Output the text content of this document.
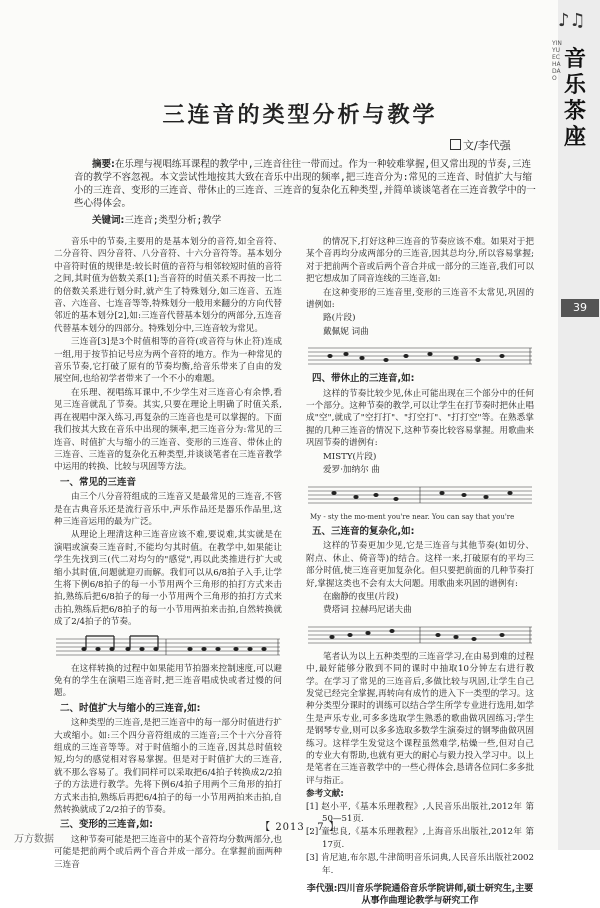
♪♫
YINYUECHADAO
音
乐
茶
座
39
三连音的类型分析与教学
文/李代强
摘要:在乐理与视唱练耳课程的教学中,三连音往往一带而过。作为一种较难掌握,但又常出现的节奏,三连音的教学不容忽视。本文尝试性地按其大致在音乐中出现的频率,把三连音分为:常见的三连音、时值扩大与缩小的三连音、变形的三连音、带休止的三连音、三连音的复杂化五种类型,并简单谈谈笔者在三连音教学中的一些心得体会。
关键词:三连音;类型分析;教学

音乐中的节奏,主要用的是基本划分的音符,如全音符、二分音符、四分音符、八分音符、十六分音符等。基本划分中音符时值的规律是:较长时值的音符与相邻较短时值的音符之间,其时值为倍数关系[1];当音符的时值关系不再按一比二的倍数关系进行划分时,就产生了特殊划分,如三连音、五连音、六连音、七连音等等,特殊划分一般用来翻分的方向代替邻近的基本划分[2],如:三连音代替基本划分的两部分,五连音代替基本划分的四部分。特殊划分中,三连音较为常见。

三连音[3]是3个时值相等的音符(或音符与休止符)连成一组,用于按节拍记号应为两个音符的地方。作为一种常见的音乐节奏,它打破了原有的节奏均衡,给音乐带来了自由的发展空间,也给初学者带来了一个不小的难题。

在乐理、视唱练耳课中,不少学生对三连音心有余悸,看见三连音就乱了节奏。其实,只要在理论上明确了时值关系,再在视唱中深入练习,再复杂的三连音也是可以掌握的。下面我们按其大致在音乐中出现的频率,把三连音分为:常见的三连音、时值扩大与缩小的三连音、变形的三连音、带休止的三连音、三连音的复杂化五种类型,并谈谈笔者在三连音教学中运用的转换、比较与巩固等方法。

一、常见的三连音

由三个八分音符组成的三连音又是最常见的三连音,不管是在古典音乐还是流行音乐中,声乐作品还是器乐作品里,这种三连音运用的最为广泛。

从理论上理清这种三连音应该不难,要说难,其实就是在演唱或演奏三连音时,不能均匀其时值。在教学中,如果能让学生先找到三(代二对均匀的"感觉",再以此类推进行扩大或缩小其时值,问题就迎刃而解。我们可以从6/8拍子入手,让学生将下例6/8拍子的每一小节用两个三角形的拍打方式来击拍,熟练后把6/8拍子的每一小节用两个三角形的拍打方式来击拍,熟练后把6/8拍子的每一小节用两拍来击拍,自然转换就成了2/4拍子的节奏。

在这样转换的过程中如果能用节拍器来控制速度,可以避免有的学生在演唱三连音时,把三连音唱成快或者过慢的问题。

二、时值扩大与缩小的三连音,如:

这种类型的三连音,是把三连音中的每一部分时值进行扩大或缩小。如:三个四分音符组成的三连音;三个十六分音符组成的三连音等等。对于时值缩小的三连音,因其总时值较短,均匀的感觉相对容易掌握。但是对于时值扩大的三连音,就不那么容易了。我们同样可以采取把6/4拍子转换成2/2拍子的方法进行教学。先将下例6/4拍子用两个三角形的拍打方式来击拍,熟练后再把6/4拍子的每一小节用两拍来击拍,自然转换就成了2/2拍子的节奏。

三、变形的三连音,如:

这种节奏可能是把三连音中的某个音符均分数两部分,也可能是把前两个或后两个音合并成一部分。在掌握前面两种三连音

的情况下,打好这种三连音的节奏应该不难。如果对于把某个音再均分成两部分的三连音,因其总均分,所以容易掌握;对于把前两个音或后两个音合并成一部分的三连音,我们可以把它想成加了同音连线的三连音,如:

在这种变形的三连音里,变形的三连音不太常见,巩固的谱例如:

路(片段)

戴佩妮 词曲

四、带休止的三连音,如:

这样的节奏比较少见,休止可能出现在三个部分中的任何一个部分。这种节奏的教学,可以让学生在打节奏时把休止唱成"空",就成了"空打打"、"打空打"、"打打空"等。在熟悉掌握的几种三连音的情况下,这种节奏比较容易掌握。用歌曲来巩固节奏的谱例有:

MISTY(片段)

爱罗·加纳尔 曲

My - sty the mo-ment you're near. You can say that you're
五、三连音的复杂化,如:

这样的节奏更加少见,它是三连音与其他节奏(如切分、附点、休止、倚音等)的结合。这样一来,打破原有的平均三部分时值,使三连音更加复杂化。但只要把前面的几种节奏打好,掌握这类也不会有太大问题。用歌曲来巩固的谱例有:

在幽静的夜里(片段)

费塔词 拉赫玛尼诺夫曲

笔者认为以上五种类型的三连音学习,在由易到难的过程中,最好能够分散到不同的课时中抽取10分钟左右进行教学。在学习了常见的三连音后,多做比较与巩固,让学生自己发觉已经完全掌握,再转向有成竹的进入下一类型的学习。这种分类型分课时的训练可以结合学生所学专业进行选用,如学生是声乐专业,可多多选取学生熟悉的歌曲做巩固练习;学生是钢琴专业,则可以多多选取多数学生演奏过的钢琴曲做巩固练习。这样学生发觉这个课程虽然难学,枯燥一些,但对自己的专业大有帮助,也就有更大的耐心与毅力投入学习中。以上是笔者在三连音教学中的一些心得体会,恳请各位同仁多多批评与指正。

参考文献:

[1] 赵小平,《基本乐理教程》,人民音乐出版社,2012年 第50—51页.

[2] 童忠良,《基本乐理教程》,上海音乐出版社,2012年 第17页.

[3] 肯尼迪,布尔恩,牛津简明音乐词典,人民音乐出版社2002年.

李代强:四川音乐学院通俗音乐学院讲师,硕士研究生,主要从事作曲理论教学与研究工作
【 2013 . 7 】
万方数据
